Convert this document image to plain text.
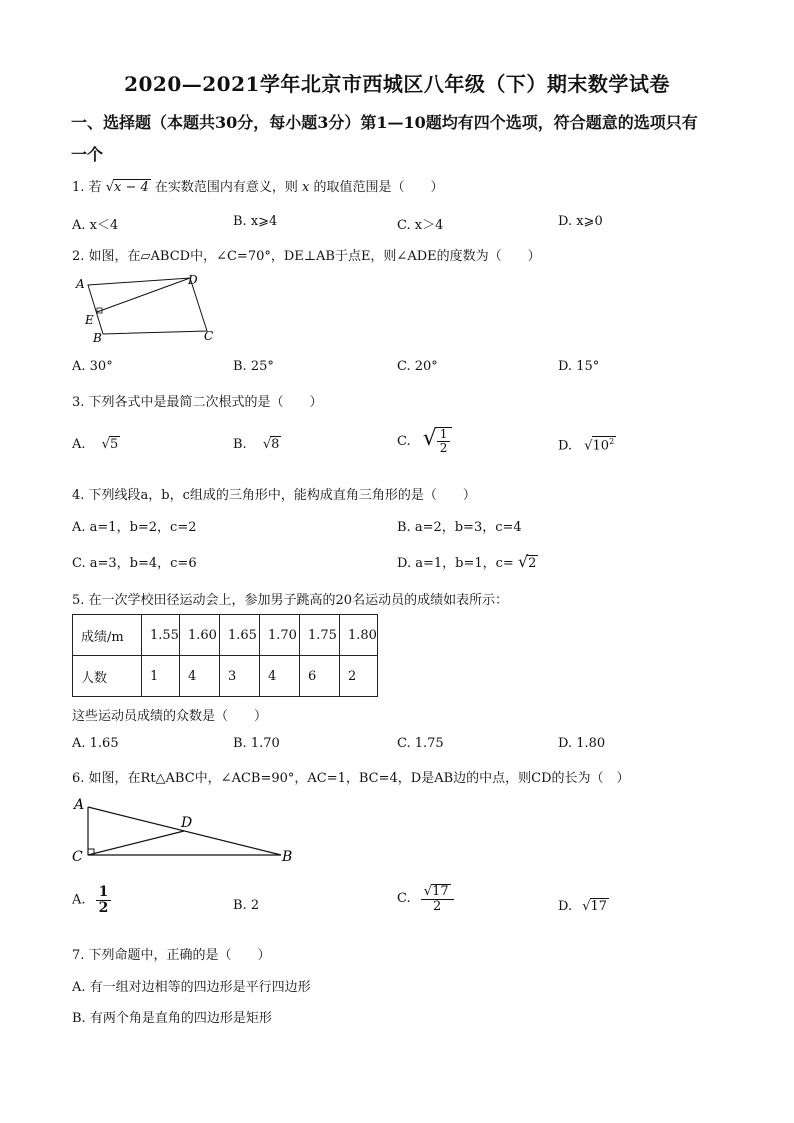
2020—2021学年北京市西城区八年级（下）期末数学试卷
一、选择题（本题共30分，每小题3分）第1—10题均有四个选项，符合题意的选项只有
一个
1. 若 √x − 4 在实数范围内有意义，则 x 的取值范围是（　　）
A. x＜4	B. x⩾4	C. x＞4	D. x⩾0
2. 如图，在▱ABCD中，∠C=70°，DE⊥AB于点E，则∠ADE的度数为（　　）
A	D
E
B	C
A. 30°	B. 25°	C. 20°	D. 15°
3. 下列各式中是最简二次根式的是（　　）
A. √5	B. √8	C. √ $\frac{1}{2}$	D. $√10^2$
4. 下列线段a，b，c组成的三角形中，能构成直角三角形的是（　　）
A. a=1，b=2，c=2	B. a=2，b=3，c=4
C. a=3，b=4，c=6	D. a=1，b=1，c= √2
5. 在一次学校田径运动会上，参加男子跳高的20名运动员的成绩如表所示：
成绩/m	1.55	1.60	1.65	1.70	1.75	1.80
人数	1	4	3	4	6	2
这些运动员成绩的众数是（　　）
A. 1.65	B. 1.70	C. 1.75	D. 1.80
6. 如图，在Rt△ABC中，∠ACB=90°，AC=1，BC=4，D是AB边的中点，则CD的长为（　）
A
D
C	B
A. $\frac{1}{2}$	B. 2	C. $\frac{√17}{2}$	D. √17
7. 下列命题中，正确的是（　　）
A. 有一组对边相等的四边形是平行四边形
B. 有两个角是直角的四边形是矩形
